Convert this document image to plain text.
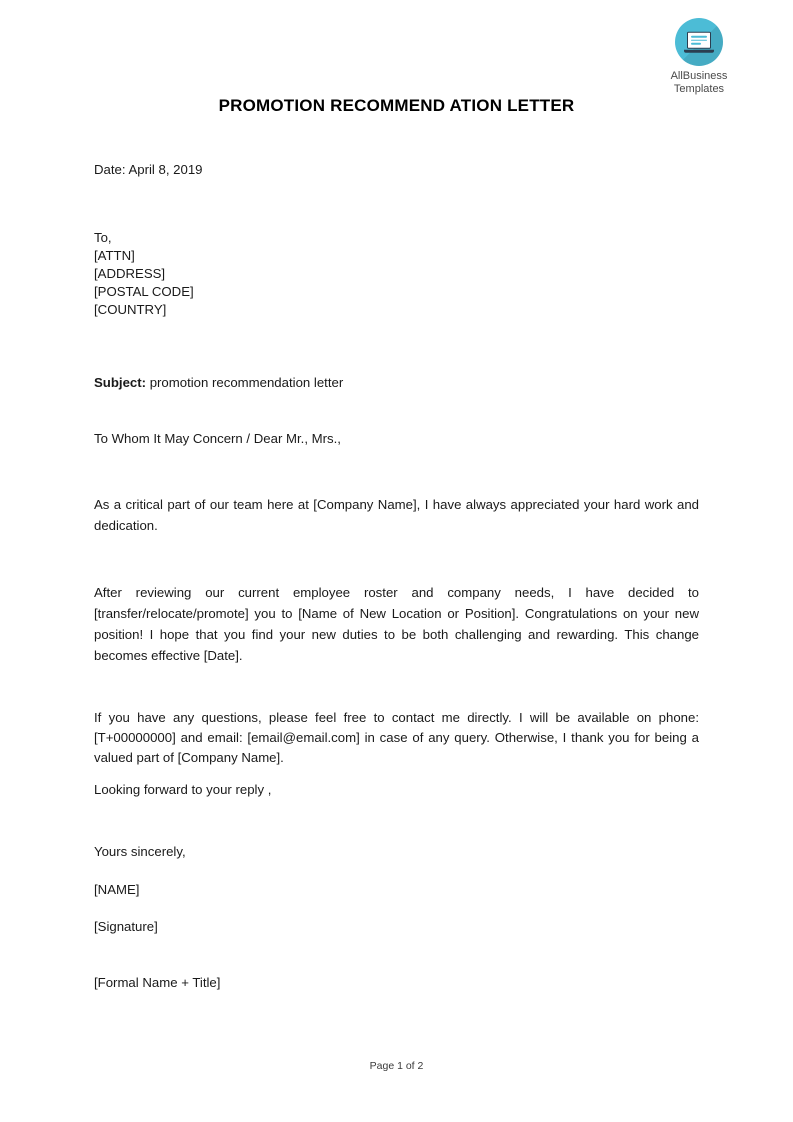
AllBusiness
Templates
PROMOTION RECOMMEND ATION LETTER

Date: April 8, 2019

To,

[ATTN]

[ADDRESS]

[POSTAL CODE]

[COUNTRY]

Subject: promotion recommendation letter

To Whom It May Concern / Dear Mr., Mrs.,

As a critical part of our team here at [Company Name], I have always appreciated your hard work and dedication.

After reviewing our current employee roster and company needs, I have decided to [transfer/relocate/promote] you to [Name of New Location or Position]. Congratulations on your new position! I hope that you find your new duties to be both challenging and rewarding. This change becomes effective [Date].

If you have any questions, please feel free to contact me directly. I will be available on phone: [T+00000000] and email: [email@email.com] in case of any query. Otherwise, I thank you for being a valued part of [Company Name].

Looking forward to your reply ,

Yours sincerely,

[NAME]

[Signature]

[Formal Name + Title]

Page 1 of 2
